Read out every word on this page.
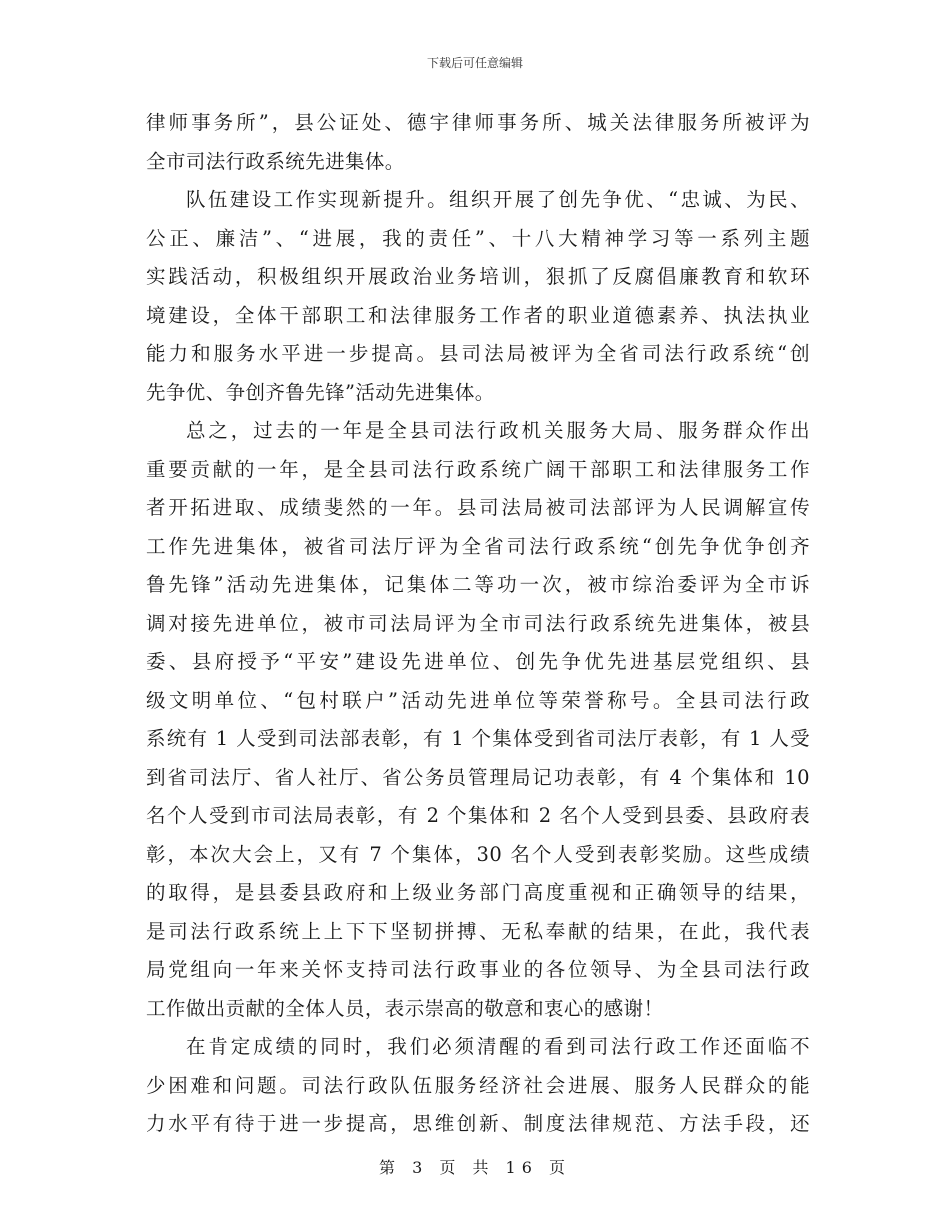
下载后可任意编辑
律师事务所”，县公证处、德宇律师事务所、城关法律服务所被评为
全市司法行政系统先进集体。
队伍建设工作实现新提升。组织开展了创先争优、“忠诚、为民、
公正、廉洁”、“进展，我的责任”、十八大精神学习等一系列主题
实践活动，积极组织开展政治业务培训，狠抓了反腐倡廉教育和软环
境建设，全体干部职工和法律服务工作者的职业道德素养、执法执业
能力和服务水平进一步提高。县司法局被评为全省司法行政系统“创
先争优、争创齐鲁先锋”活动先进集体。
总之，过去的一年是全县司法行政机关服务大局、服务群众作出
重要贡献的一年，是全县司法行政系统广阔干部职工和法律服务工作
者开拓进取、成绩斐然的一年。县司法局被司法部评为人民调解宣传
工作先进集体，被省司法厅评为全省司法行政系统“创先争优争创齐
鲁先锋”活动先进集体，记集体二等功一次，被市综治委评为全市诉
调对接先进单位，被市司法局评为全市司法行政系统先进集体，被县
委、县府授予“平安”建设先进单位、创先争优先进基层党组织、县
级文明单位、“包村联户”活动先进单位等荣誉称号。全县司法行政
系统有 1 人受到司法部表彰，有 1 个集体受到省司法厅表彰，有 1 人受
到省司法厅、省人社厅、省公务员管理局记功表彰，有 4 个集体和 10
名个人受到市司法局表彰，有 2 个集体和 2 名个人受到县委、县政府表
彰，本次大会上，又有 7 个集体，30 名个人受到表彰奖励。这些成绩
的取得，是县委县政府和上级业务部门高度重视和正确领导的结果，
是司法行政系统上上下下坚韧拼搏、无私奉献的结果，在此，我代表
局党组向一年来关怀支持司法行政事业的各位领导、为全县司法行政
工作做出贡献的全体人员，表示崇高的敬意和衷心的感谢！
在肯定成绩的同时，我们必须清醒的看到司法行政工作还面临不
少困难和问题。司法行政队伍服务经济社会进展、服务人民群众的能
力水平有待于进一步提高，思维创新、制度法律规范、方法手段，还
第 3 页 共 16 页
